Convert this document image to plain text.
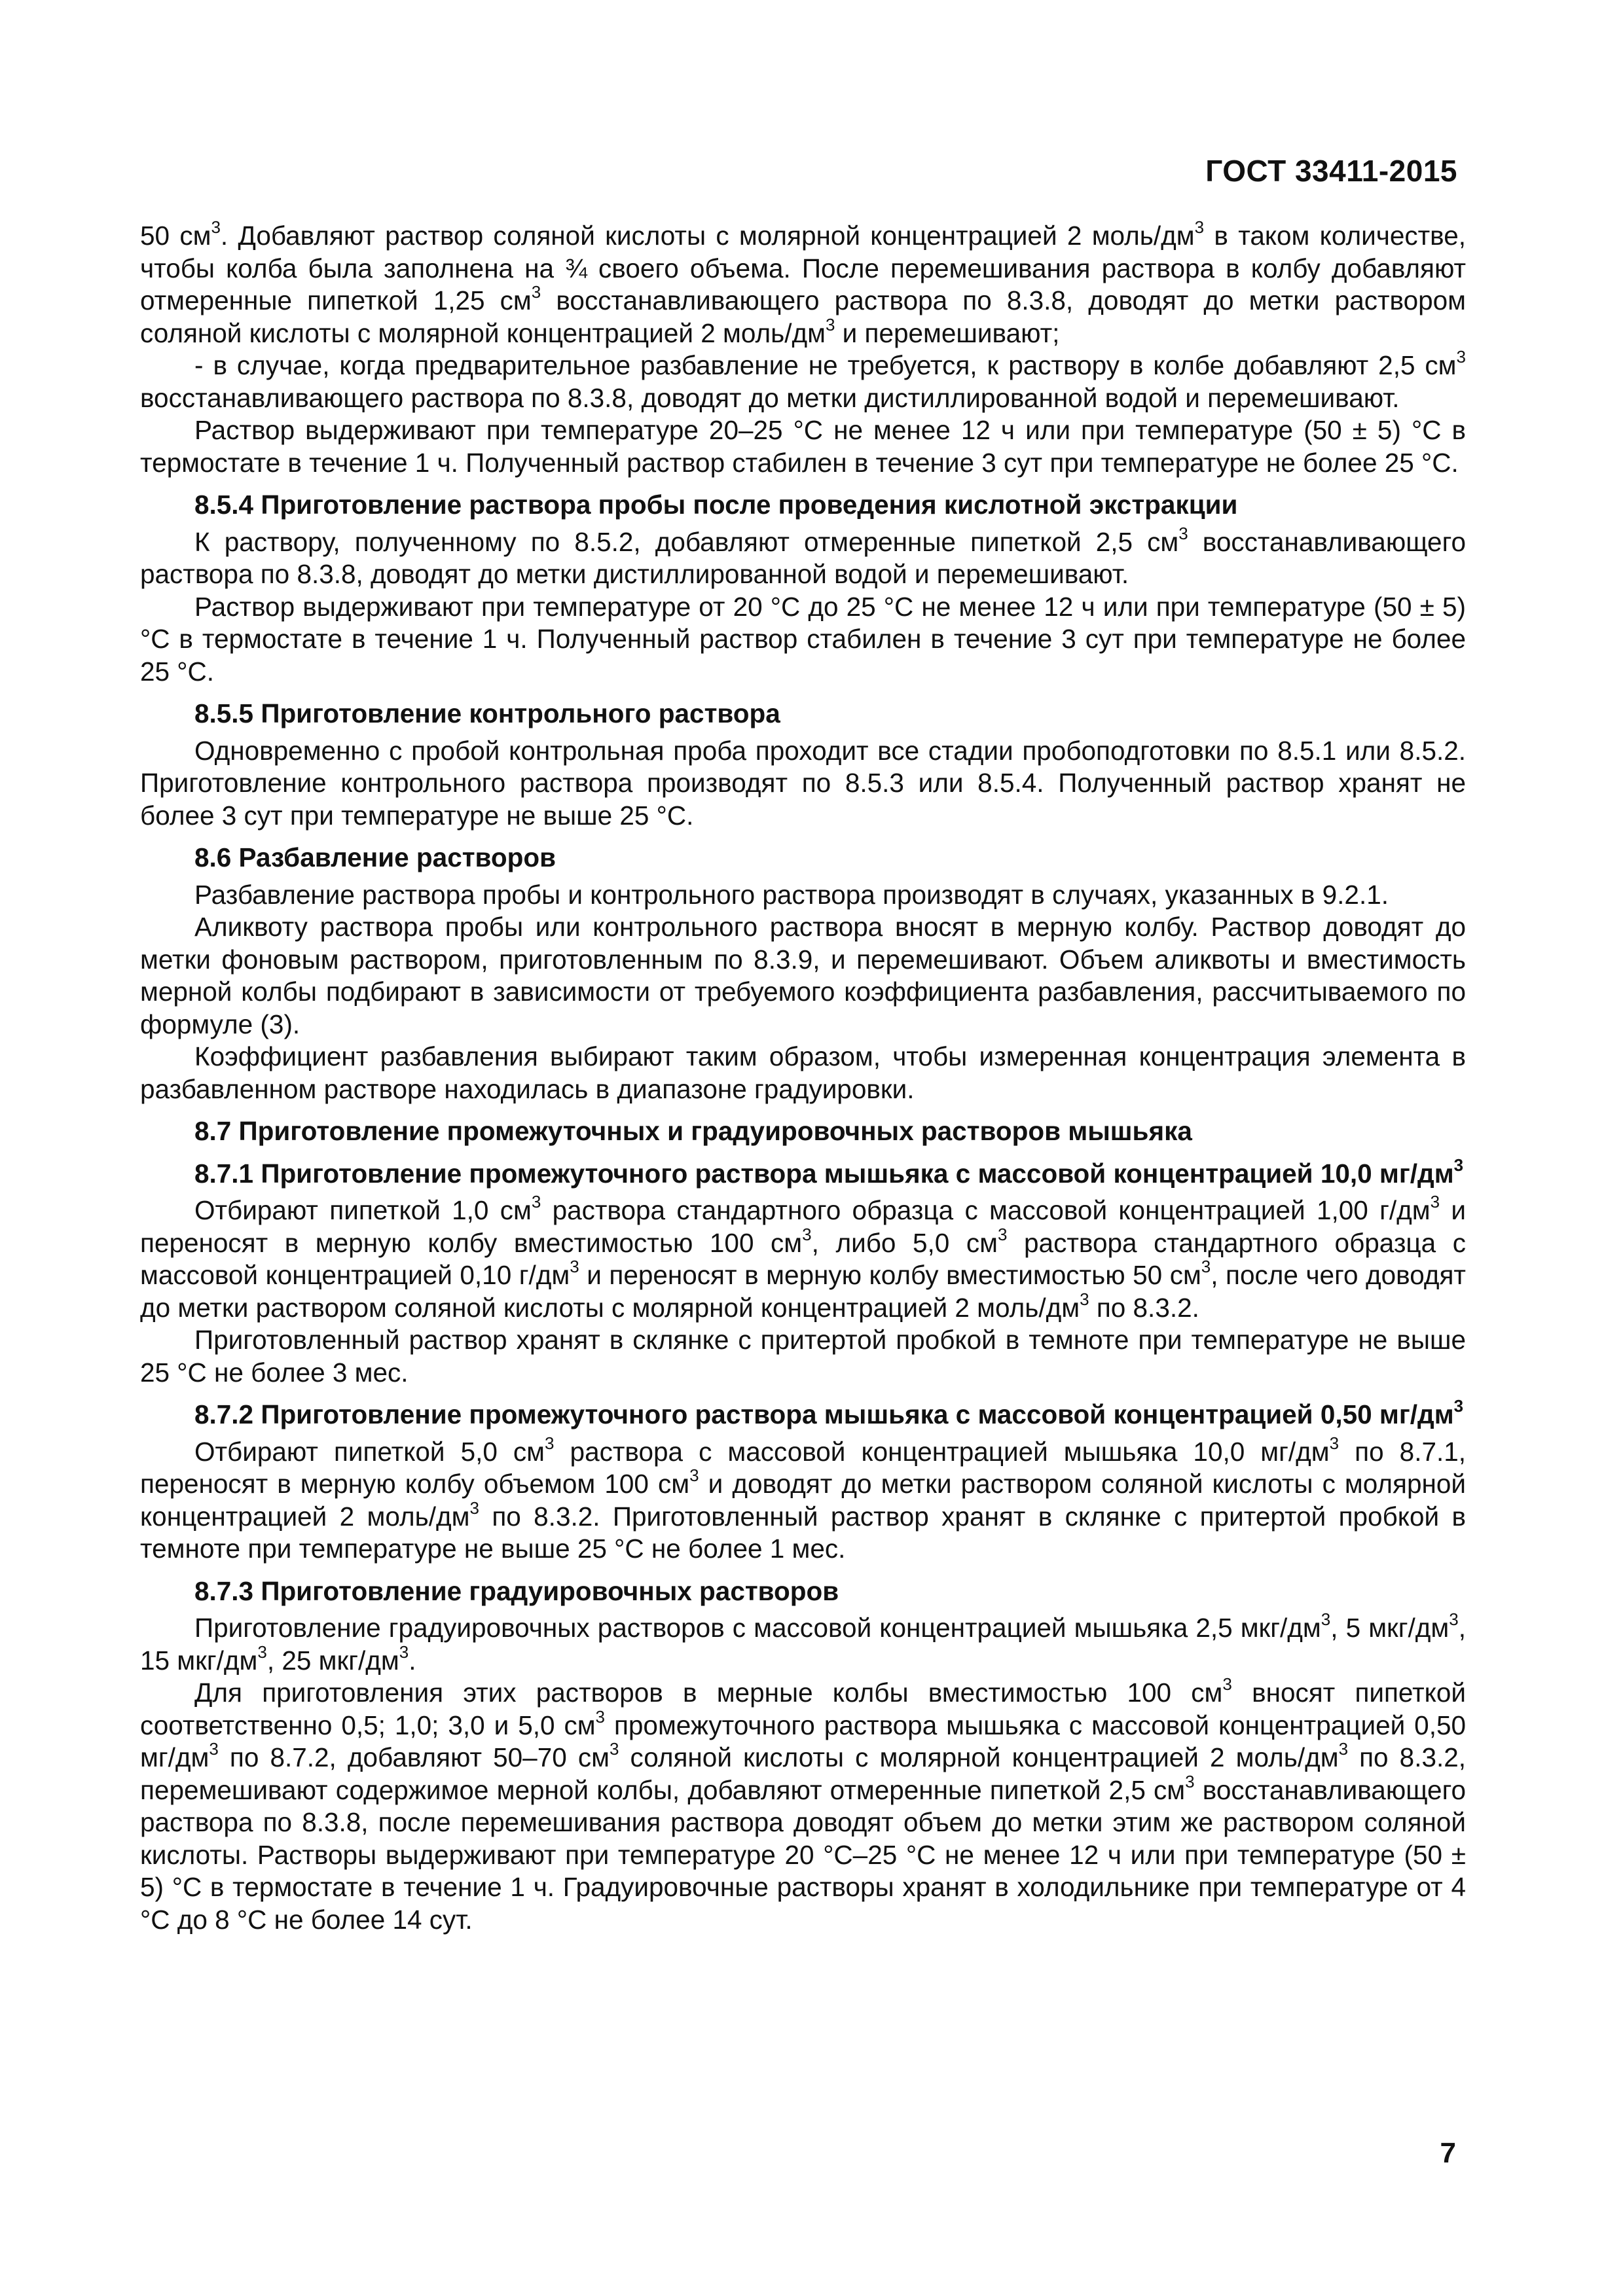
ГОСТ 33411-2015

50 $см^3$. Добавляют раствор соляной кислоты с молярной концентрацией 2 моль/$дм^3$ в таком количестве, чтобы колба была заполнена на ¾ своего объема. После перемешивания раствора в колбу добавляют отмеренные пипеткой 1,25 $см^3$ восстанавливающего раствора по 8.3.8, доводят до метки раствором соляной кислоты с молярной концентрацией 2 моль/$дм^3$ и перемешивают;

- в случае, когда предварительное разбавление не требуется, к раствору в колбе добавляют 2,5 $см^3$ восстанавливающего раствора по 8.3.8, доводят до метки дистиллированной водой и перемешивают.

Раствор выдерживают при температуре 20–25 °C не менее 12 ч или при температуре (50 ± 5) °C в термостате в течение 1 ч. Полученный раствор стабилен в течение 3 сут при температуре не более 25 °C.

8.5.4 Приготовление раствора пробы после проведения кислотной экстракции

К раствору, полученному по 8.5.2, добавляют отмеренные пипеткой 2,5 $см^3$ восстанавливающего раствора по 8.3.8, доводят до метки дистиллированной водой и перемешивают.

Раствор выдерживают при температуре от 20 °C до 25 °C не менее 12 ч или при температуре (50 ± 5) °C в термостате в течение 1 ч. Полученный раствор стабилен в течение 3 сут при температуре не более 25 °C.

8.5.5 Приготовление контрольного раствора

Одновременно с пробой контрольная проба проходит все стадии пробоподготовки по 8.5.1 или 8.5.2. Приготовление контрольного раствора производят по 8.5.3 или 8.5.4. Полученный раствор хранят не более 3 сут при температуре не выше 25 °C.

8.6 Разбавление растворов

Разбавление раствора пробы и контрольного раствора производят в случаях, указанных в 9.2.1.

Аликвоту раствора пробы или контрольного раствора вносят в мерную колбу. Раствор доводят до метки фоновым раствором, приготовленным по 8.3.9, и перемешивают. Объем аликвоты и вместимость мерной колбы подбирают в зависимости от требуемого коэффициента разбавления, рассчитываемого по формуле (3).

Коэффициент разбавления выбирают таким образом, чтобы измеренная концентрация элемента в разбавленном растворе находилась в диапазоне градуировки.

8.7 Приготовление промежуточных и градуировочных растворов мышьяка

8.7.1 Приготовление промежуточного раствора мышьяка с массовой концентрацией 10,0 $мг/дм^3$

Отбирают пипеткой 1,0 $см^3$ раствора стандартного образца с массовой концентрацией 1,00 $г/дм^3$ и переносят в мерную колбу вместимостью 100 $см^3$, либо 5,0 $см^3$ раствора стандартного образца с массовой концентрацией 0,10 $г/дм^3$ и переносят в мерную колбу вместимостью 50 $см^3$, после чего доводят до метки раствором соляной кислоты с молярной концентрацией 2 моль/$дм^3$ по 8.3.2.

Приготовленный раствор хранят в склянке с притертой пробкой в темноте при температуре не выше 25 °C не более 3 мес.

8.7.2 Приготовление промежуточного раствора мышьяка с массовой концентрацией 0,50 $мг/дм^3$

Отбирают пипеткой 5,0 $см^3$ раствора с массовой концентрацией мышьяка 10,0 $мг/дм^3$ по 8.7.1, переносят в мерную колбу объемом 100 $см^3$ и доводят до метки раствором соляной кислоты с молярной концентрацией 2 моль/$дм^3$ по 8.3.2. Приготовленный раствор хранят в склянке с притертой пробкой в темноте при температуре не выше 25 °C не более 1 мес.

8.7.3 Приготовление градуировочных растворов

Приготовление градуировочных растворов с массовой концентрацией мышьяка 2,5 мкг/$дм^3$, 5 мкг/$дм^3$, 15 мкг/$дм^3$, 25 мкг/$дм^3$.

Для приготовления этих растворов в мерные колбы вместимостью 100 $см^3$ вносят пипеткой соответственно 0,5; 1,0; 3,0 и 5,0 $см^3$ промежуточного раствора мышьяка с массовой концентрацией 0,50 $мг/дм^3$ по 8.7.2, добавляют 50–70 $см^3$ соляной кислоты с молярной концентрацией 2 моль/$дм^3$ по 8.3.2, перемешивают содержимое мерной колбы, добавляют отмеренные пипеткой 2,5 $см^3$ восстанавливающего раствора по 8.3.8, после перемешивания раствора доводят объем до метки этим же раствором соляной кислоты. Растворы выдерживают при температуре 20 °C–25 °C не менее 12 ч или при температуре (50 ± 5) °C в термостате в течение 1 ч. Градуировочные растворы хранят в холодильнике при температуре от 4 °C до 8 °C не более 14 сут.

7
